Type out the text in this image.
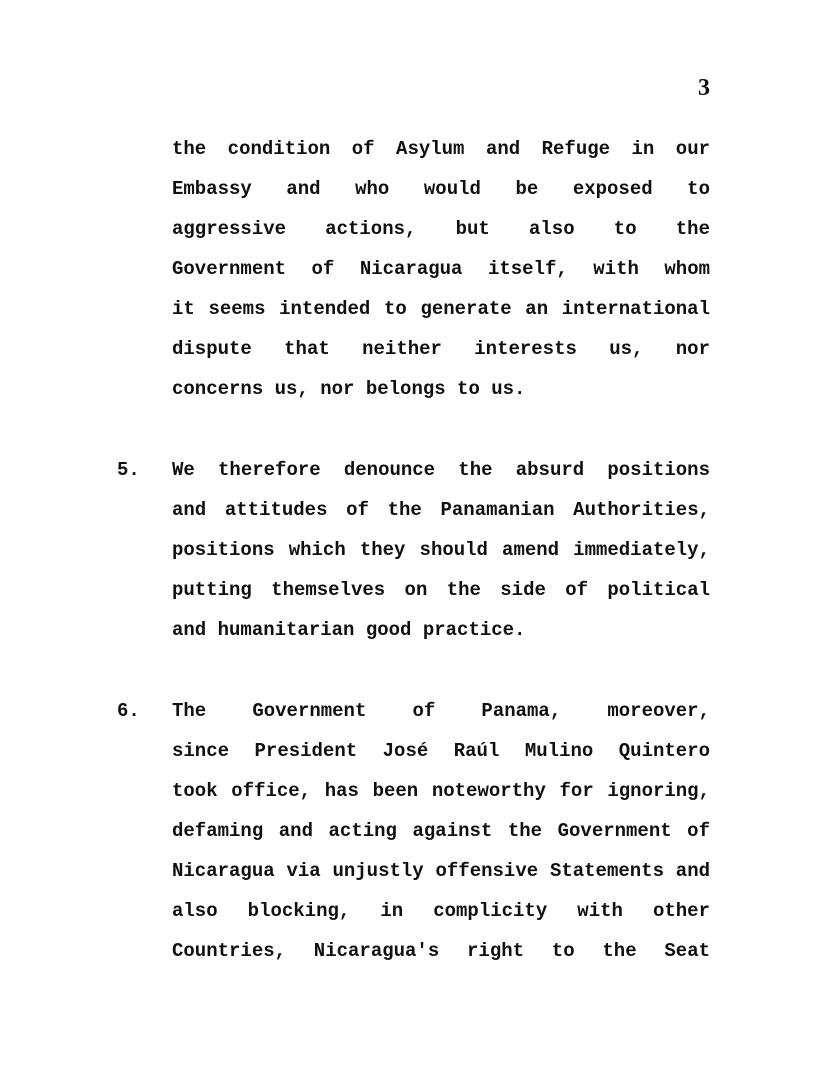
3
the condition of Asylum and Refuge in our
Embassy and who would be exposed to
aggressive actions, but also to the
Government of Nicaragua itself, with whom
it seems intended to generate an international
dispute that neither interests us, nor
concerns us, nor belongs to us.
5.	We therefore denounce the absurd positions
and attitudes of the Panamanian Authorities,
positions which they should amend immediately,
putting themselves on the side of political
and humanitarian good practice.
6.	The Government of Panama, moreover,
since President José Raúl Mulino Quintero
took office, has been noteworthy for ignoring,
defaming and acting against the Government of
Nicaragua via unjustly offensive Statements and
also blocking, in complicity with other
Countries, Nicaragua's right to the Seat
